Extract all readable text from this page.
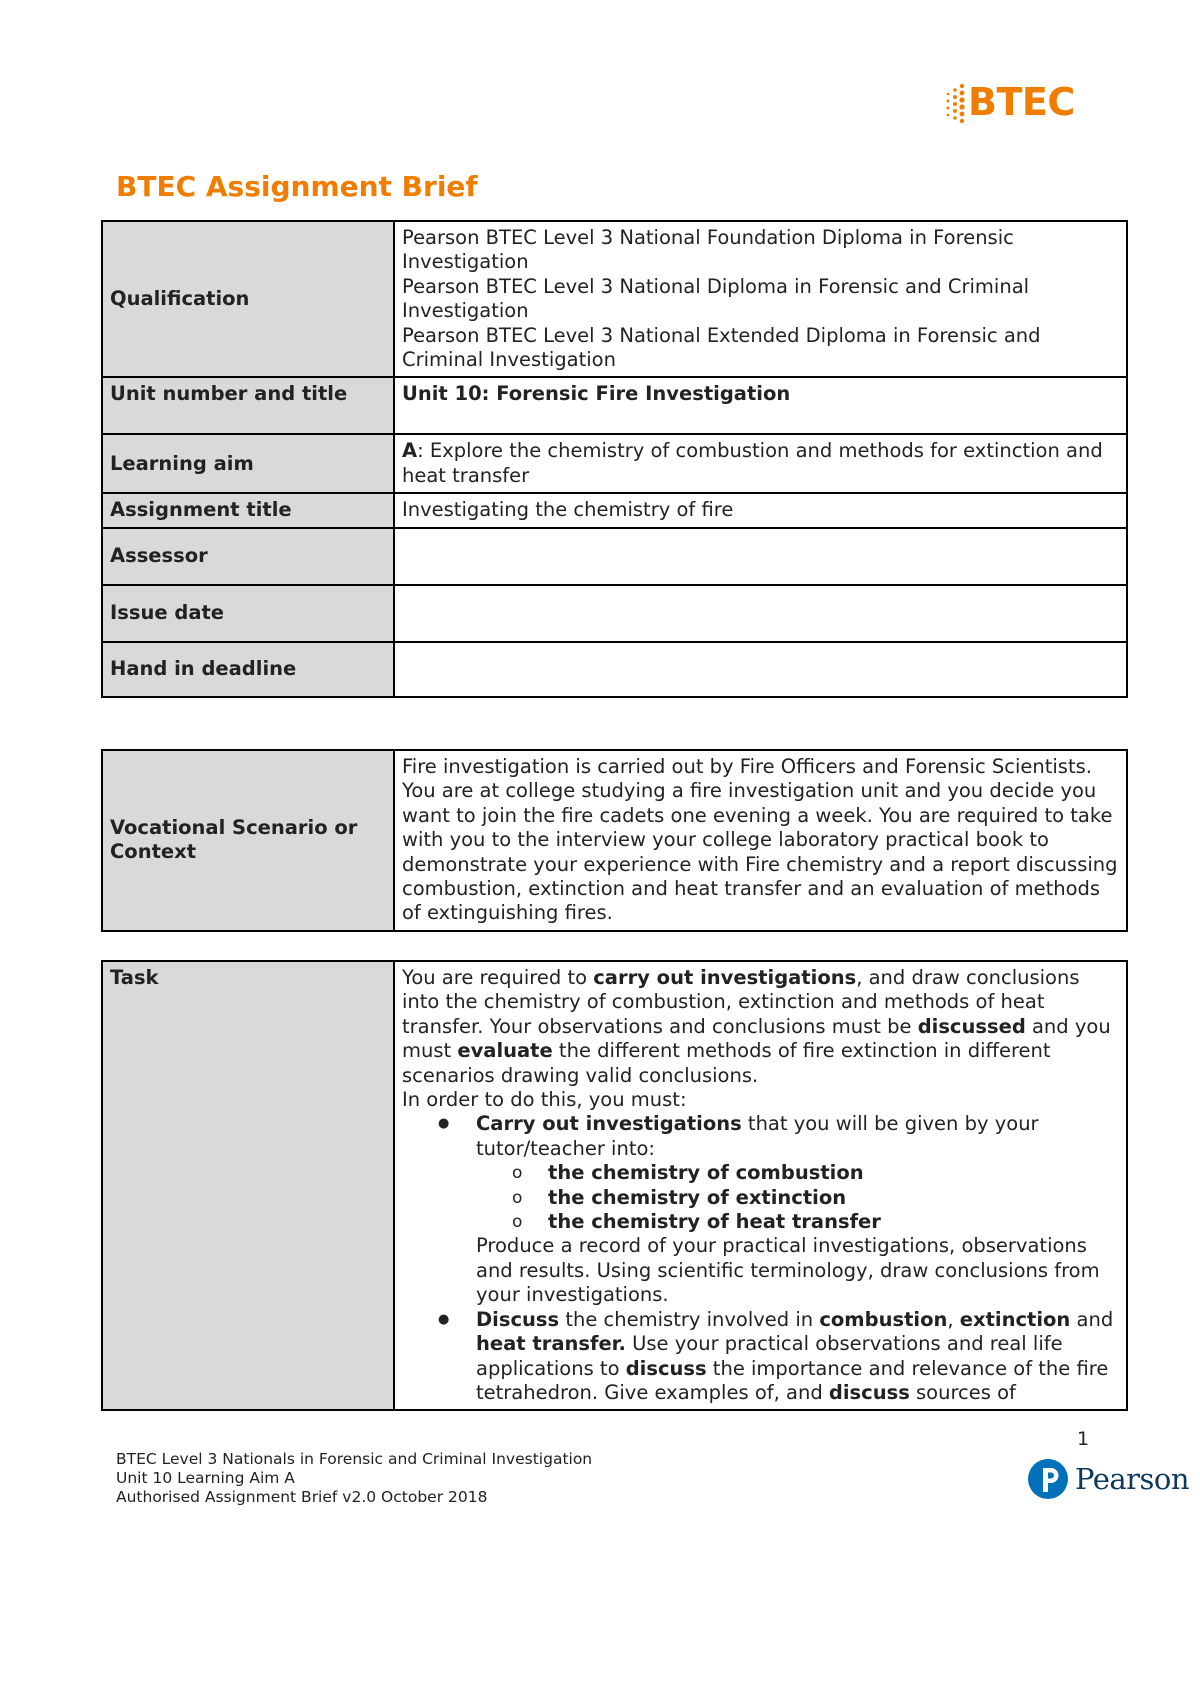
BTEC
BTEC Assignment Brief
Qualification	Pearson BTEC Level 3 National Foundation Diploma in Forensic Investigation
Pearson BTEC Level 3 National Diploma in Forensic and Criminal Investigation
Pearson BTEC Level 3 National Extended Diploma in Forensic and Criminal Investigation

Unit number and title	Unit 10: Forensic Fire Investigation
Learning aim	A: Explore the chemistry of combustion and methods for extinction and heat transfer
Assignment title	Investigating the chemistry of fire
Assessor	
Issue date	
Hand in deadline	
Vocational Scenario or Context	Fire investigation is carried out by Fire Officers and Forensic Scientists. You are at college studying a fire investigation unit and you decide you want to join the fire cadets one evening a week. You are required to take with you to the interview your college laboratory practical book to demonstrate your experience with Fire chemistry and a report discussing combustion, extinction and heat transfer and an evaluation of methods of extinguishing fires.
Task	You are required to carry out investigations, and draw conclusions into the chemistry of combustion, extinction and methods of heat transfer. Your observations and conclusions must be discussed and you must evaluate the different methods of fire extinction in different scenarios drawing valid conclusions.
In order to do this, you must:
● Carry out investigations that you will be given by your tutor/teacher into:
o the chemistry of combustion
o the chemistry of extinction
o the chemistry of heat transfer
Produce a record of your practical investigations, observations and results. Using scientific terminology, draw conclusions from your investigations.
● Discuss the chemistry involved in combustion, extinction and heat transfer. Use your practical observations and real life applications to discuss the importance and relevance of the fire tetrahedron. Give examples of, and discuss sources of
1
BTEC Level 3 Nationals in Forensic and Criminal Investigation
Unit 10 Learning Aim A
Authorised Assignment Brief v2.0 October 2018
Pearson
